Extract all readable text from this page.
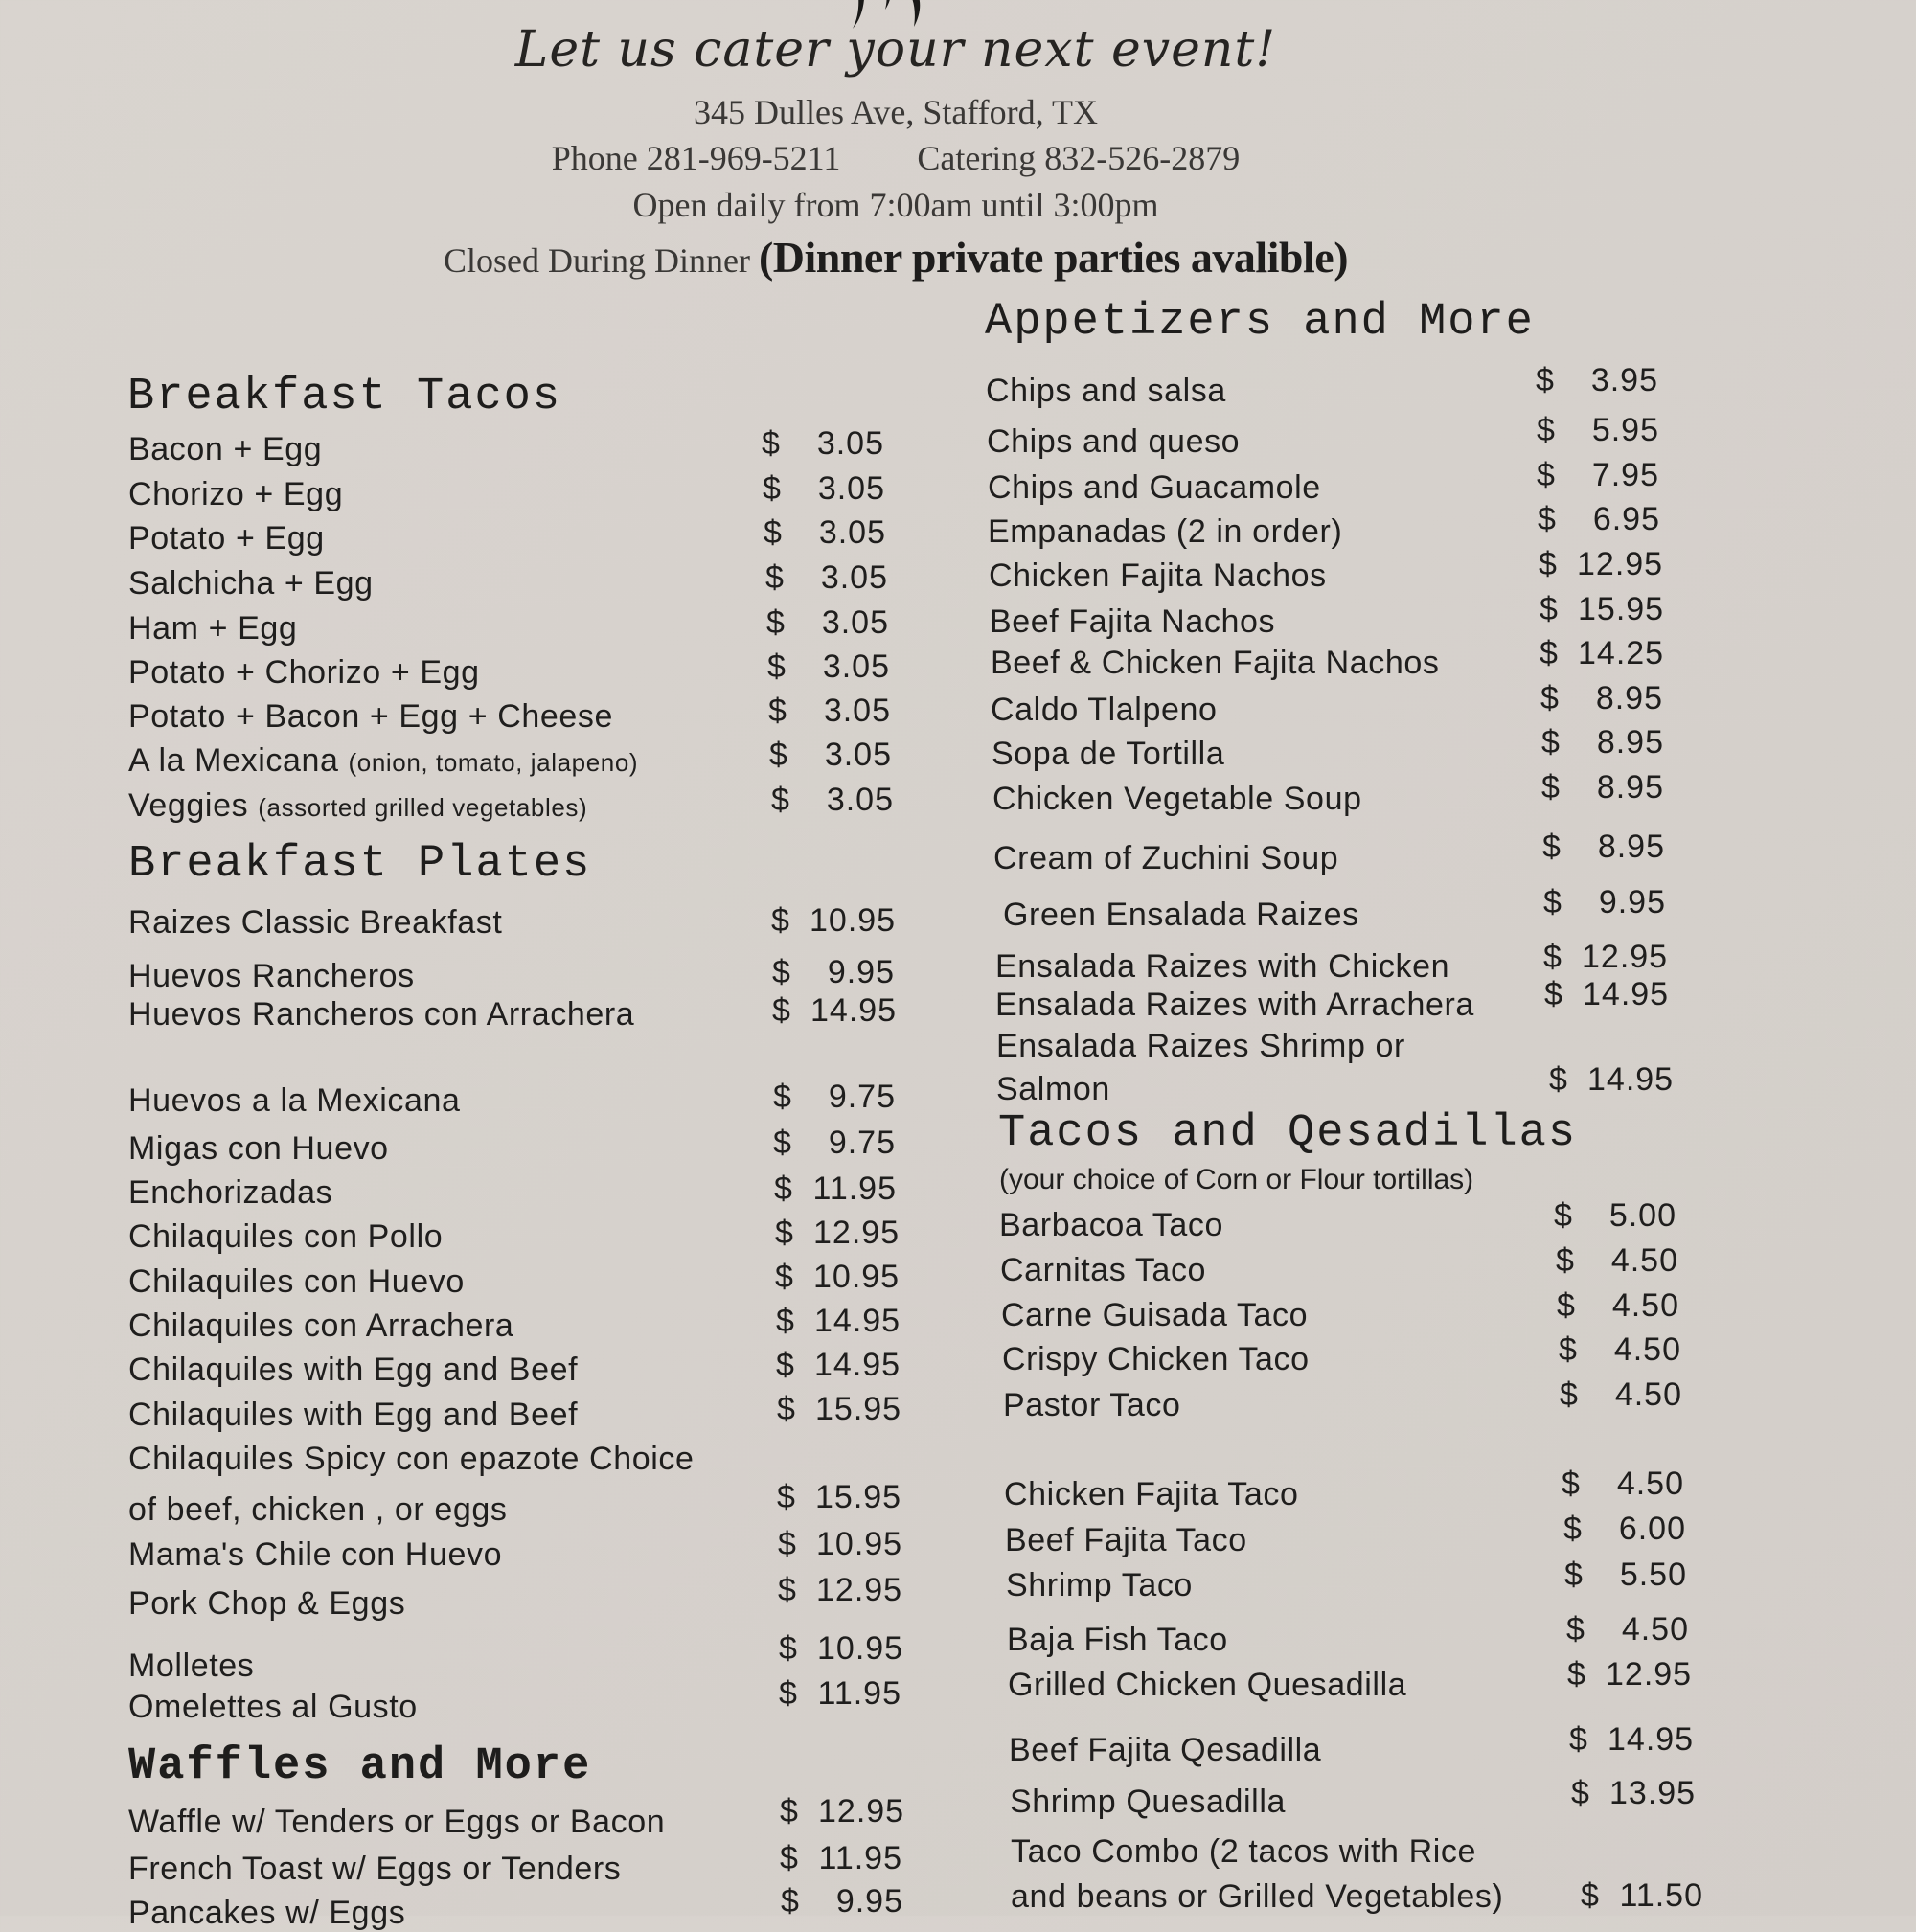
Let us cater your next event!
345 Dulles Ave, Stafford, TX
Phone 281-969-5211 Catering 832-526-2879
Open daily from 7:00am until 3:00pm
Closed During Dinner (Dinner private parties avalible)
Breakfast Tacos
Bacon + Egg	$ 3.05
Chorizo + Egg	$ 3.05
Potato + Egg	$ 3.05
Salchicha + Egg	$ 3.05
Ham + Egg	$ 3.05
Potato + Chorizo + Egg	$ 3.05
Potato + Bacon + Egg + Cheese	$ 3.05
A la Mexicana (onion, tomato, jalapeno)	$ 3.05
Veggies (assorted grilled vegetables)	$ 3.05
Breakfast Plates
Raizes Classic Breakfast	$ 10.95
Huevos Rancheros	$ 9.95
Huevos Rancheros con Arrachera	$ 14.95
Huevos a la Mexicana	$ 9.75
Migas con Huevo	$ 9.75
Enchorizadas	$ 11.95
Chilaquiles con Pollo	$ 12.95
Chilaquiles con Huevo	$ 10.95
Chilaquiles con Arrachera	$ 14.95
Chilaquiles with Egg and Beef	$ 14.95
Chilaquiles with Egg and Beef	$ 15.95
Chilaquiles Spicy con epazote Choice
of beef, chicken , or eggs	$ 15.95
Mama's Chile con Huevo	$ 10.95
Pork Chop & Eggs	$ 12.95
Molletes	$ 10.95
Omelettes al Gusto	$ 11.95
Waffles and More
Waffle w/ Tenders or Eggs or Bacon	$ 12.95
French Toast w/ Eggs or Tenders	$ 11.95
Pancakes w/ Eggs	$ 9.95
Appetizers and More
Chips and salsa	$ 3.95
Chips and queso	$ 5.95
Chips and Guacamole	$ 7.95
Empanadas (2 in order)	$ 6.95
Chicken Fajita Nachos	$ 12.95
Beef Fajita Nachos	$ 15.95
Beef & Chicken Fajita Nachos	$ 14.25
Caldo Tlalpeno	$ 8.95
Sopa de Tortilla	$ 8.95
Chicken Vegetable Soup	$ 8.95
Cream of Zuchini Soup	$ 8.95
Green Ensalada Raizes	$ 9.95
Ensalada Raizes with Chicken	$ 12.95
Ensalada Raizes with Arrachera $ 14.95
Ensalada Raizes Shrimp or
Salmon	$ 14.95
Tacos and Qesadillas
(your choice of Corn or Flour tortillas)
Barbacoa Taco	$ 5.00
Carnitas Taco	$ 4.50
Carne Guisada Taco	$ 4.50
Crispy Chicken Taco	$ 4.50
Pastor Taco	$ 4.50
Chicken Fajita Taco	$ 4.50
Beef Fajita Taco	$ 6.00
Shrimp Taco	$ 5.50
Baja Fish Taco	$ 4.50
Grilled Chicken Quesadilla	$ 12.95
Beef Fajita Qesadilla	$ 14.95
Shrimp Quesadilla	$ 13.95
Taco Combo (2 tacos with Rice
and beans or Grilled Vegetables) $ 11.50
